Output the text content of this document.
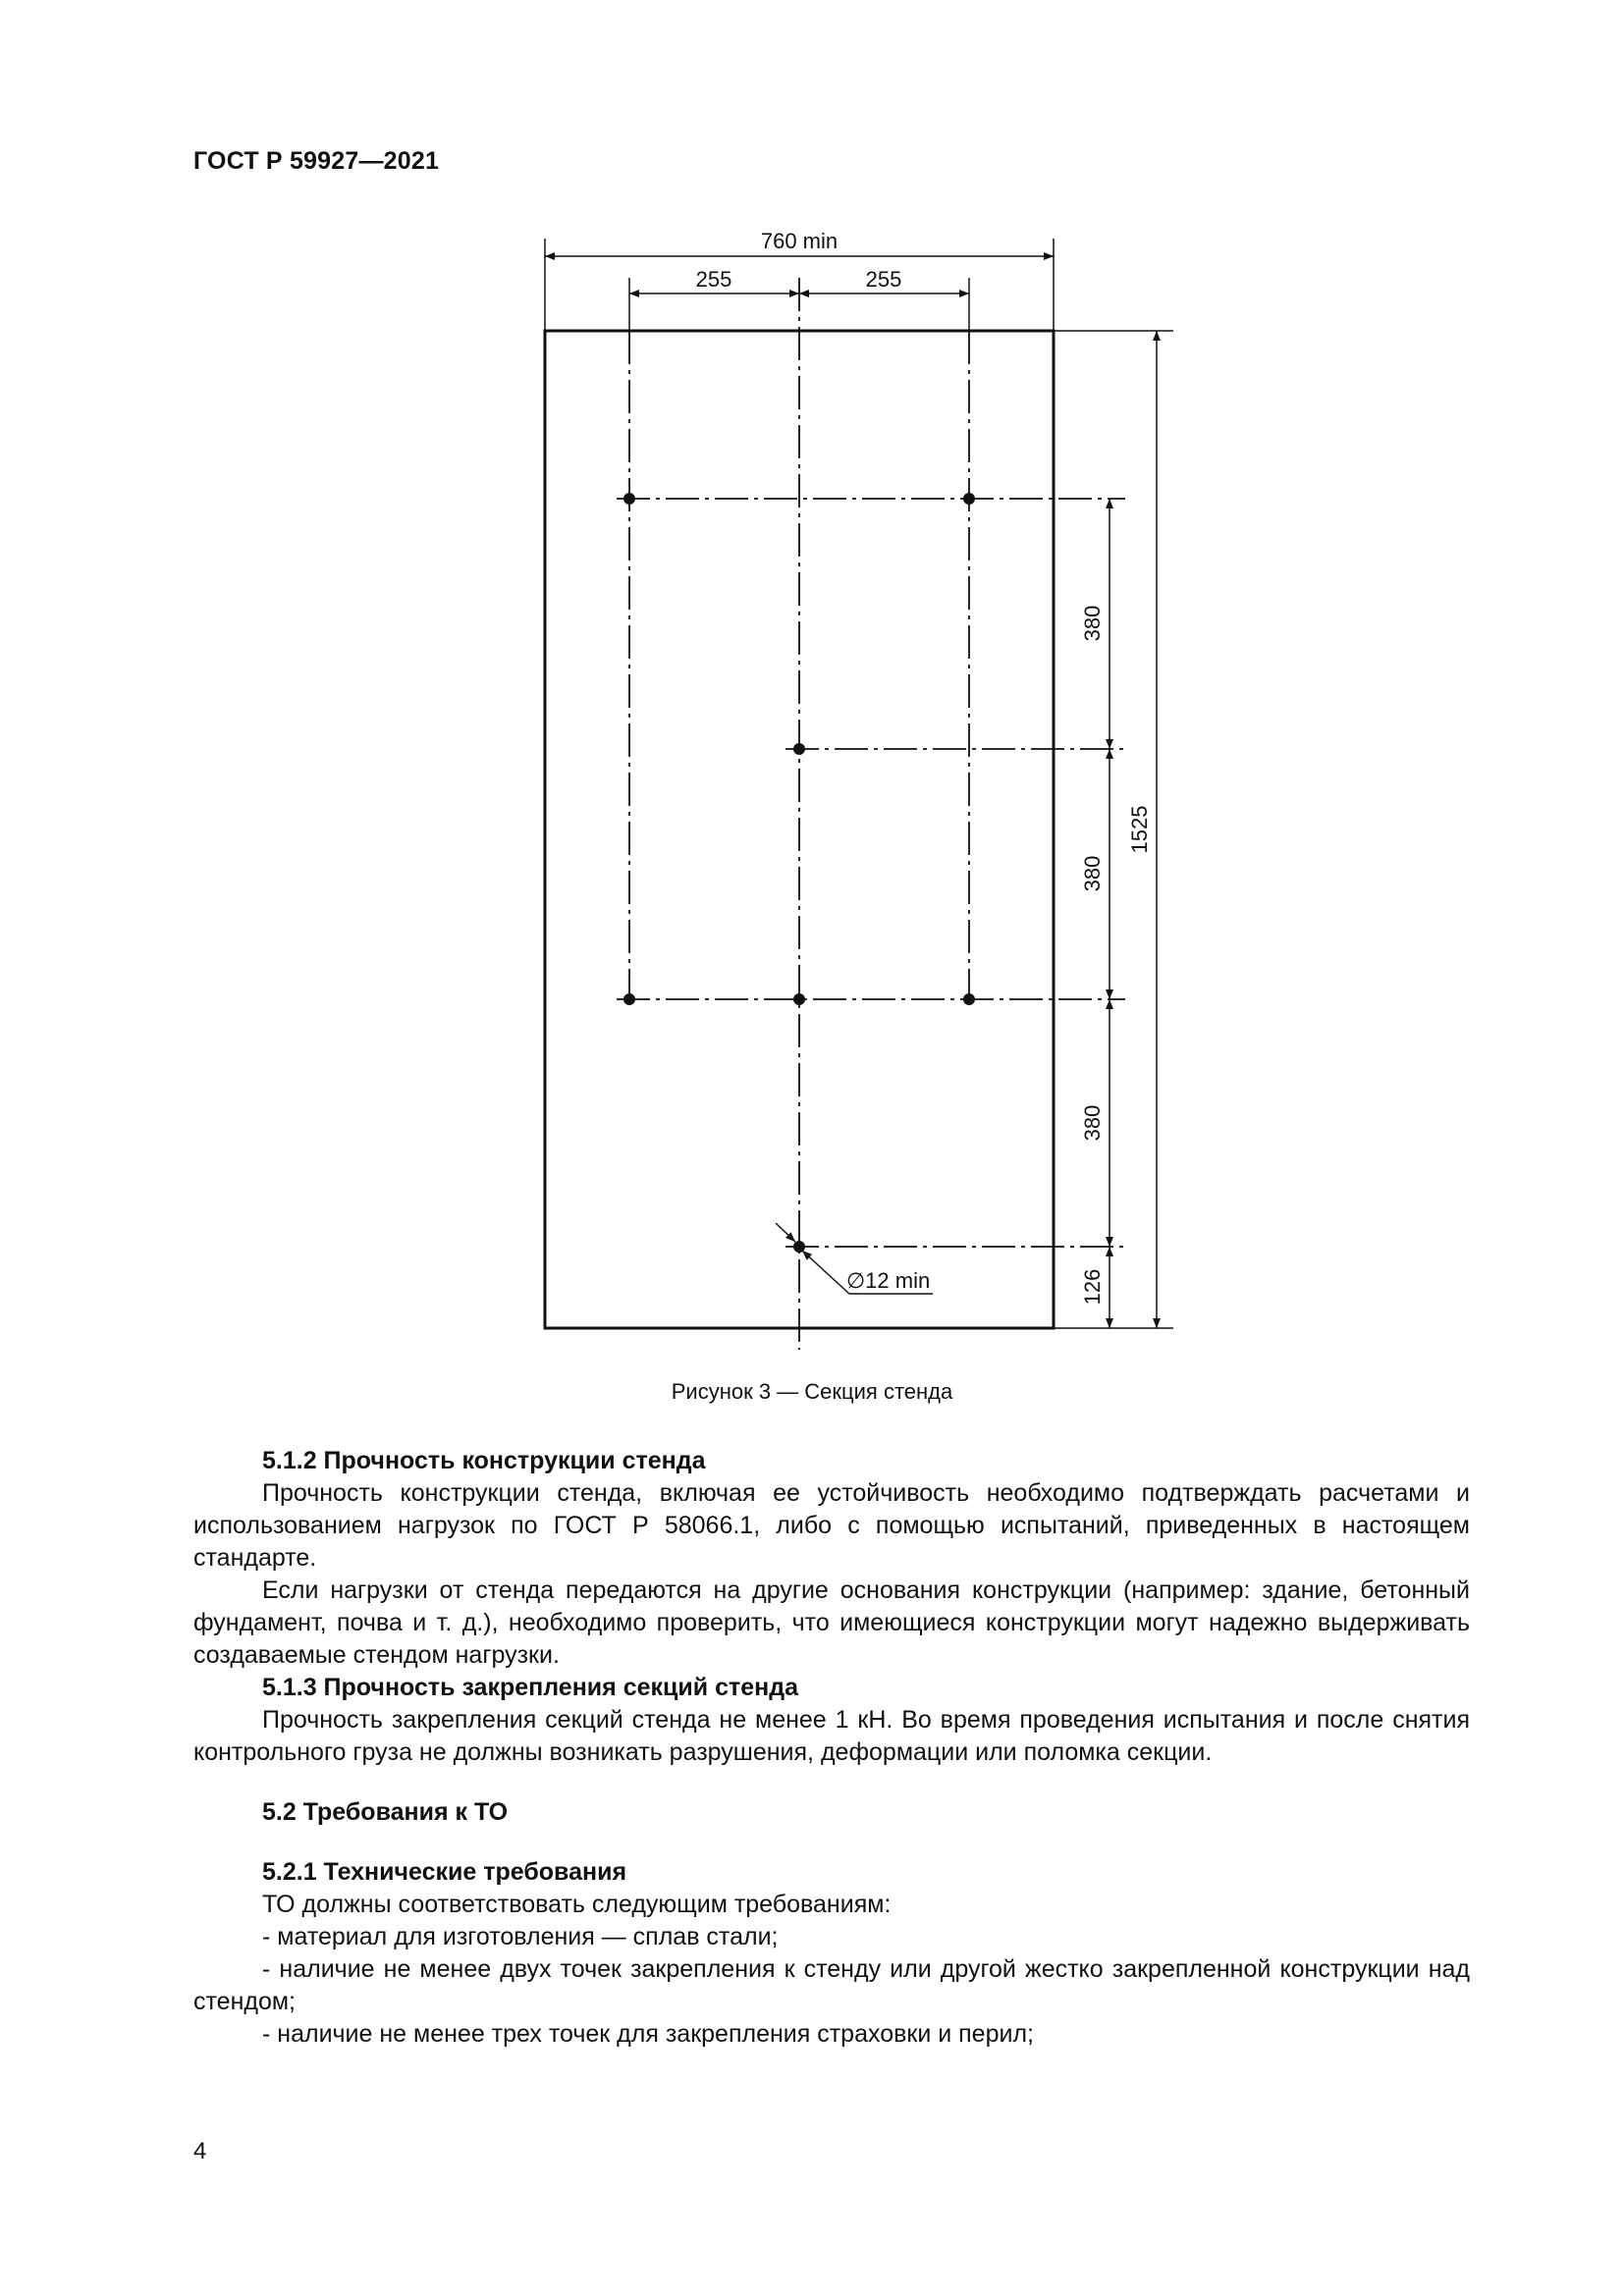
ГОСТ Р 59927—2021
760 min
255	255
380
380
380
126
1525
∅12 min
Рисунок 3 — Секция стенда
5.1.2 Прочность конструкции стенда

Прочность конструкции стенда, включая ее устойчивость необходимо подтверждать расчетами и использованием нагрузок по ГОСТ Р 58066.1, либо с помощью испытаний, приведенных в настоящем стандарте.

Если нагрузки от стенда передаются на другие основания конструкции (например: здание, бетонный фундамент, почва и т. д.), необходимо проверить, что имеющиеся конструкции могут надежно выдерживать создаваемые стендом нагрузки.

5.1.3 Прочность закрепления секций стенда

Прочность закрепления секций стенда не менее 1 кН. Во время проведения испытания и после снятия контрольного груза не должны возникать разрушения, деформации или поломка секции.

5.2 Требования к ТО
5.2.1 Технические требования

ТО должны соответствовать следующим требованиям:

- материал для изготовления — сплав стали;

- наличие не менее двух точек закрепления к стенду или другой жестко закрепленной конструкции над стендом;

- наличие не менее трех точек для закрепления страховки и перил;

4
